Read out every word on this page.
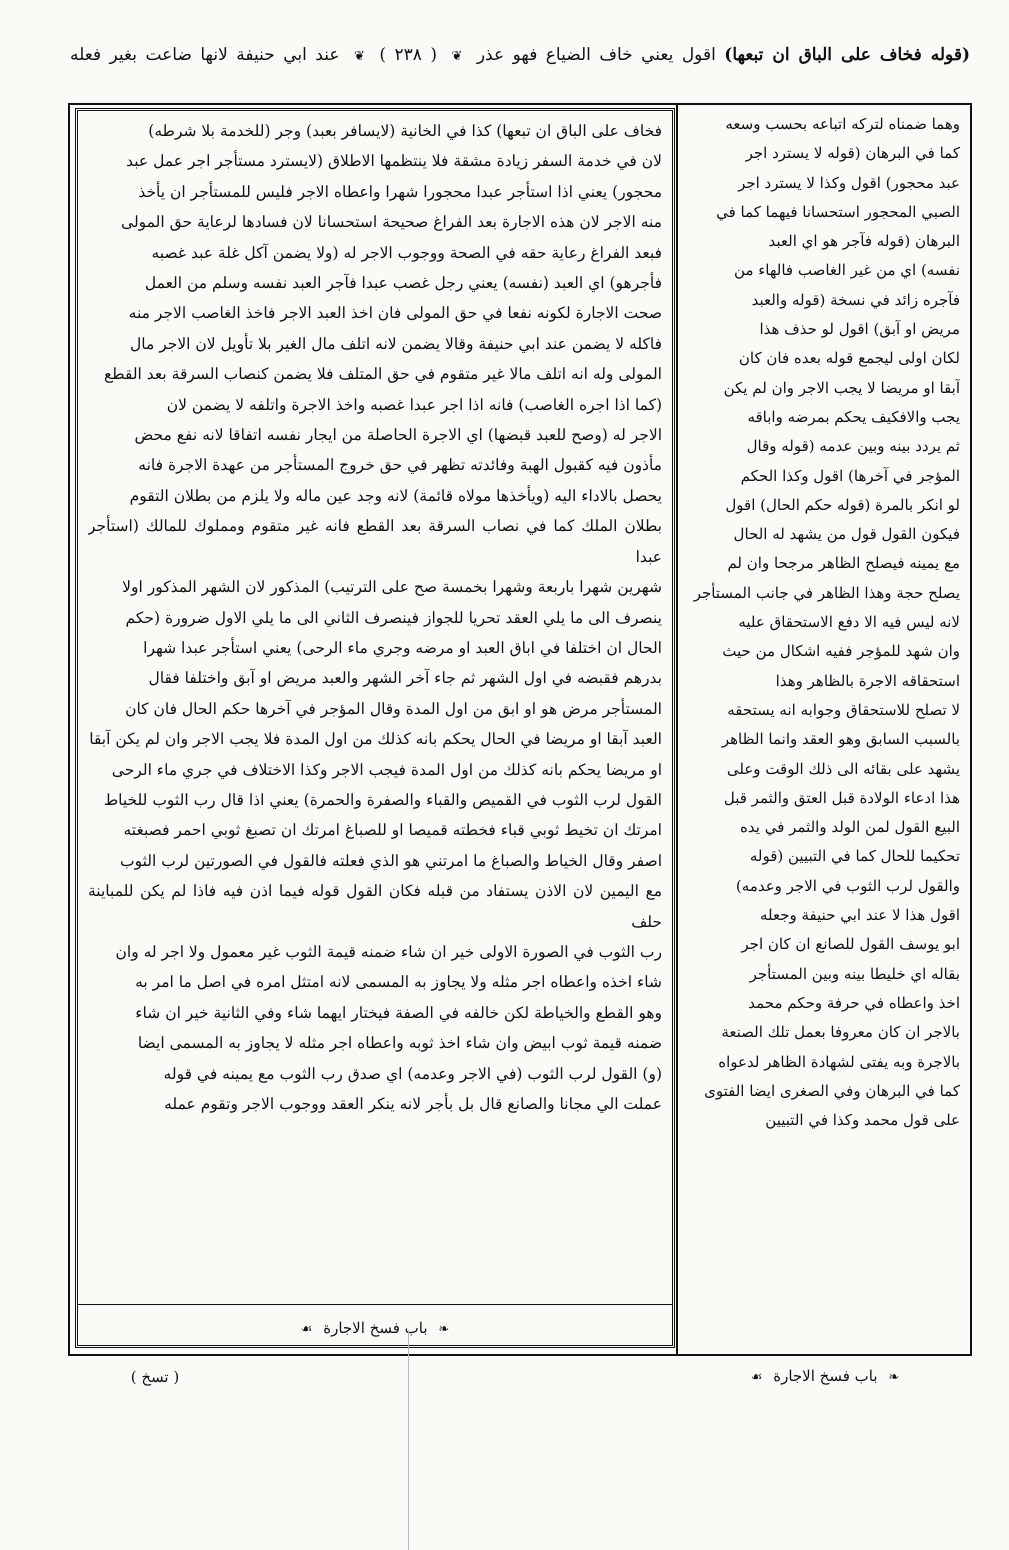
(قوله فخاف على الباق ان تبعها) اقول يعني خاف الضياع فهو عذر ❦ ( ٢٣٨ ) ❦ عند ابي حنيفة لانها ضاعت بغير فعله

فخاف على الباق ان تبعها) كذا في الخانية (لايسافر بعبد) وجر (للخدمة بلا شرطه)

لان في خدمة السفر زيادة مشقة فلا ينتظمها الاطلاق (لايسترد مستأجر اجر عمل عبد

محجور) يعني اذا استأجر عبدا محجورا شهرا واعطاه الاجر فليس للمستأجر ان يأخذ

منه الاجر لان هذه الاجارة بعد الفراغ صحيحة استحسانا لان فسادها لرعاية حق المولى

فبعد الفراغ رعاية حقه في الصحة ووجوب الاجر له (ولا يضمن آكل غلة عبد غصبه

فأجرهو) اي العبد (نفسه) يعني رجل غصب عبدا فآجر العبد نفسه وسلم من العمل

صحت الاجارة لكونه نفعا في حق المولى فان اخذ العبد الاجر فاخذ الغاصب الاجر منه

فاكله لا يضمن عند ابي حنيفة وقالا يضمن لانه اتلف مال الغير بلا تأويل لان الاجر مال

المولى وله انه اتلف مالا غير متقوم في حق المتلف فلا يضمن كنصاب السرقة بعد القطع

(كما اذا اجره الغاصب) فانه اذا اجر عبدا غصبه واخذ الاجرة واتلفه لا يضمن لان

الاجر له (وصح للعبد قبضها) اي الاجرة الحاصلة من ايجار نفسه اتفاقا لانه نفع محض

مأذون فيه كقبول الهبة وفائدته تظهر في حق خروج المستأجر من عهدة الاجرة فانه

يحصل بالاداء اليه (ويأخذها مولاه قائمة) لانه وجد عين ماله ولا يلزم من بطلان التقوم

بطلان الملك كما في نصاب السرقة بعد القطع فانه غير متقوم ومملوك للمالك (استأجر عبدا

شهرين شهرا باربعة وشهرا بخمسة صح على الترتيب) المذكور لان الشهر المذكور اولا

ينصرف الى ما يلي العقد تحريا للجواز فينصرف الثاني الى ما يلي الاول ضرورة (حكم

الحال ان اختلفا في اباق العبد او مرضه وجري ماء الرحى) يعني استأجر عبدا شهرا

بدرهم فقبضه في اول الشهر ثم جاء آخر الشهر والعبد مريض او آبق واختلفا فقال

المستأجر مرض هو او ابق من اول المدة وقال المؤجر في آخرها حكم الحال فان كان

العبد آبقا او مريضا في الحال يحكم بانه كذلك من اول المدة فلا يجب الاجر وان لم يكن آبقا

او مريضا يحكم بانه كذلك من اول المدة فيجب الاجر وكذا الاختلاف في جري ماء الرحى

القول لرب الثوب في القميص والقباء والصفرة والحمرة) يعني اذا قال رب الثوب للخياط

امرتك ان تخيط ثوبي قباء فخطته قميصا او للصباغ امرتك ان تصبغ ثوبي احمر فصبغته

اصفر وقال الخياط والصباغ ما امرتني هو الذي فعلته فالقول في الصورتين لرب الثوب

مع اليمين لان الاذن يستفاد من قبله فكان القول قوله فيما اذن فيه فاذا لم يكن للمباينة حلف

رب الثوب في الصورة الاولى خير ان شاء ضمنه قيمة الثوب غير معمول ولا اجر له وان

شاء اخذه واعطاه اجر مثله ولا يجاوز به المسمى لانه امتثل امره في اصل ما امر به

وهو القطع والخياطة لكن خالفه في الصفة فيختار ايهما شاء وفي الثانية خير ان شاء

ضمنه قيمة ثوب ابيض وان شاء اخذ ثوبه واعطاه اجر مثله لا يجاوز به المسمى ايضا

(و) القول لرب الثوب (في الاجر وعدمه) اي صدق رب الثوب مع يمينه في قوله

عملت الي مجانا والصانع قال بل بأجر لانه ينكر العقد ووجوب الاجر وتقوم عمله

❧ باب فسخ الاجارة ☙

وهما ضمناه لتركه اتباعه بحسب وسعه

كما في البرهان (قوله لا يسترد اجر

عبد محجور) اقول وكذا لا يسترد اجر

الصبي المحجور استحسانا فيهما كما في

البرهان (قوله فآجر هو اي العبد

نفسه) اي من غير الغاصب فالهاء من

فآجره زائد في نسخة (قوله والعبد

مريض او آبق) اقول لو حذف هذا

لكان اولى ليجمع قوله بعده فان كان

آبقا او مريضا لا يجب الاجر وان لم يكن

يجب والافكيف يحكم بمرضه واباقه

ثم يردد بينه وبين عدمه (قوله وقال

المؤجر في آخرها) اقول وكذا الحكم

لو انكر بالمرة (قوله حكم الحال) اقول

فيكون القول قول من يشهد له الحال

مع يمينه فيصلح الظاهر مرجحا وان لم

يصلح حجة وهذا الظاهر في جانب المستأجر

لانه ليس فيه الا دفع الاستحقاق عليه

وان شهد للمؤجر ففيه اشكال من حيث

استحقاقه الاجرة بالظاهر وهذا

لا تصلح للاستحقاق وجوابه انه يستحقه

بالسبب السابق وهو العقد وانما الظاهر

يشهد على بقائه الى ذلك الوقت وعلى

هذا ادعاء الولادة قبل العتق والثمر قبل

البيع القول لمن الولد والثمر في يده

تحكيما للحال كما في التبيين (قوله

والقول لرب الثوب في الاجر وعدمه)

اقول هذا لا عند ابي حنيفة وجعله

ابو يوسف القول للصانع ان كان اجر

بقاله اي خليطا بينه وبين المستأجر

اخذ واعطاه في حرفة وحكم محمد

بالاجر ان كان معروفا بعمل تلك الصنعة

بالاجرة وبه يفتى لشهادة الظاهر لدعواه

كما في البرهان وفي الصغرى ايضا الفتوى

على قول محمد وكذا في التبيين

❧ باب فسخ الاجارة ☙
( تسخ )
